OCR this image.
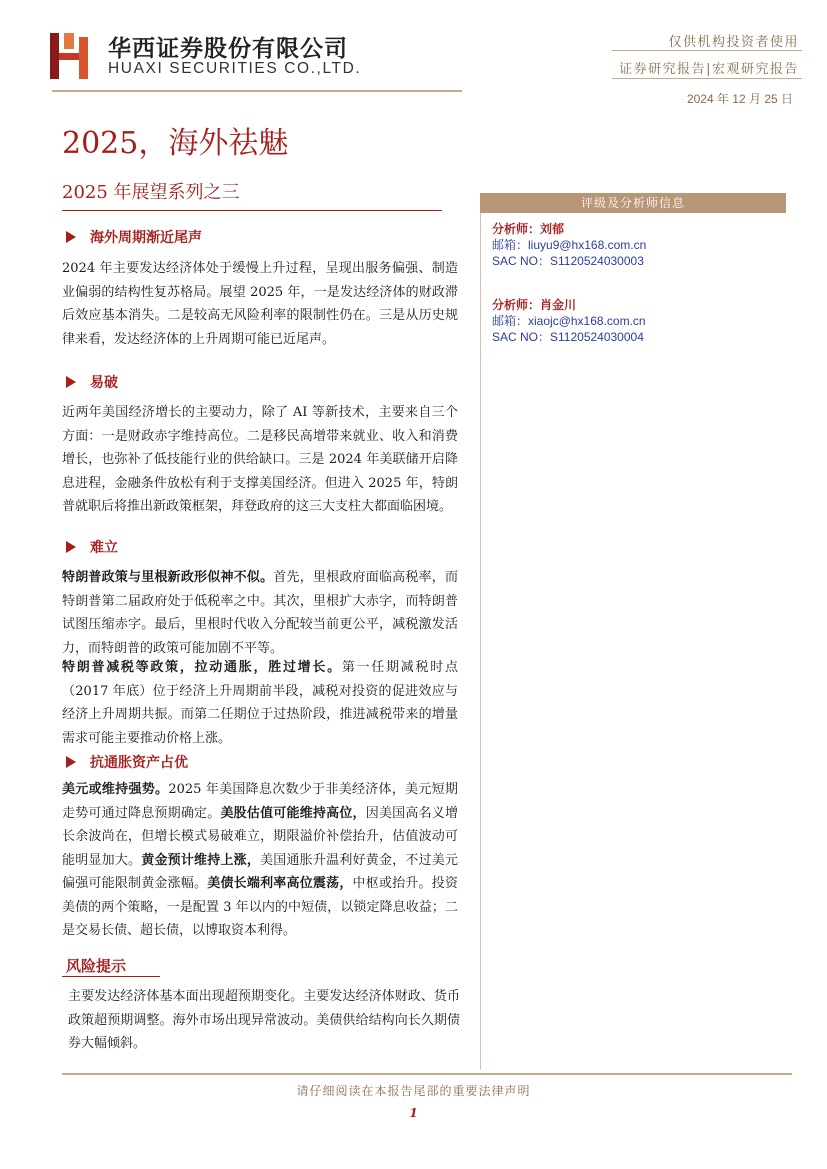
华西证券股份有限公司
HUAXI SECURITIES CO.,LTD.
仅供机构投资者使用
证券研究报告|宏观研究报告
2024 年 12 月 25 日
2025，海外祛魅
2025 年展望系列之三
海外周期渐近尾声
2024 年主要发达经济体处于缓慢上升过程，呈现出服务偏强、制造业偏弱的结构性复苏格局。展望 2025 年，一是发达经济体的财政滞后效应基本消失。二是较高无风险利率的限制性仍在。三是从历史规律来看，发达经济体的上升周期可能已近尾声。
易破
近两年美国经济增长的主要动力，除了 AI 等新技术，主要来自三个方面：一是财政赤字维持高位。二是移民高增带来就业、收入和消费增长，也弥补了低技能行业的供给缺口。三是 2024 年美联储开启降息进程，金融条件放松有利于支撑美国经济。但进入 2025 年，特朗普就职后将推出新政策框架，拜登政府的这三大支柱大都面临困境。
难立
特朗普政策与里根新政形似神不似。首先，里根政府面临高税率，而特朗普第二届政府处于低税率之中。其次，里根扩大赤字，而特朗普试图压缩赤字。最后，里根时代收入分配较当前更公平，减税激发活力，而特朗普的政策可能加剧不平等。
特朗普减税等政策，拉动通胀，胜过增长。第一任期减税时点（2017 年底）位于经济上升周期前半段，减税对投资的促进效应与经济上升周期共振。而第二任期位于过热阶段，推进减税带来的增量需求可能主要推动价格上涨。
抗通胀资产占优
美元或维持强势。2025 年美国降息次数少于非美经济体，美元短期走势可通过降息预期确定。美股估值可能维持高位，因美国高名义增长余波尚在，但增长模式易破难立，期限溢价补偿抬升，估值波动可能明显加大。黄金预计维持上涨，美国通胀升温利好黄金，不过美元偏强可能限制黄金涨幅。美债长端利率高位震荡，中枢或抬升。投资美债的两个策略，一是配置 3 年以内的中短债，以锁定降息收益；二是交易长债、超长债，以博取资本利得。
风险提示
主要发达经济体基本面出现超预期变化。主要发达经济体财政、货币政策超预期调整。海外市场出现异常波动。美债供给结构向长久期债券大幅倾斜。
评级及分析师信息
分析师：刘郁
邮箱：liuyu9@hx168.com.cn
SAC NO：S1120524030003
分析师：肖金川
邮箱：xiaojc@hx168.com.cn
SAC NO：S1120524030004
请仔细阅读在本报告尾部的重要法律声明
1
